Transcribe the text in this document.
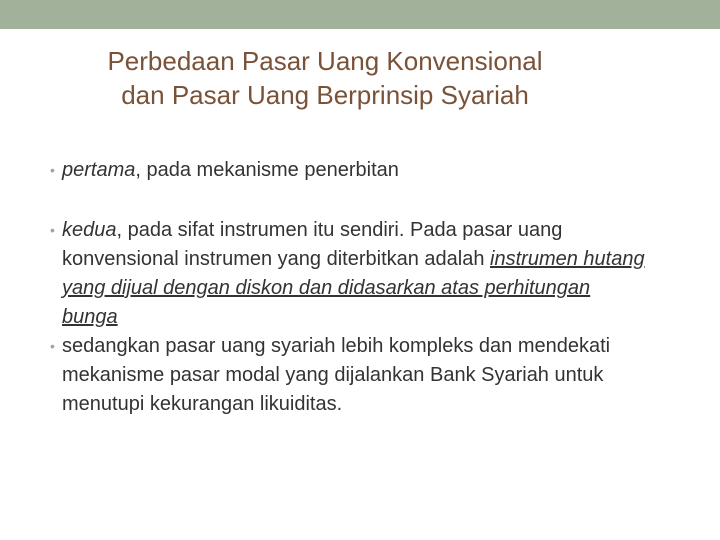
Perbedaan Pasar Uang Konvensional
dan Pasar Uang Berprinsip Syariah
• pertama, pada mekanisme penerbitan
• kedua, pada sifat instrumen itu sendiri. Pada pasar uang konvensional instrumen yang diterbitkan adalah instrumen hutang yang dijual dengan diskon dan didasarkan atas perhitungan bunga
• sedangkan pasar uang syariah lebih kompleks dan mendekati mekanisme pasar modal yang dijalankan Bank Syariah untuk menutupi kekurangan likuiditas.
